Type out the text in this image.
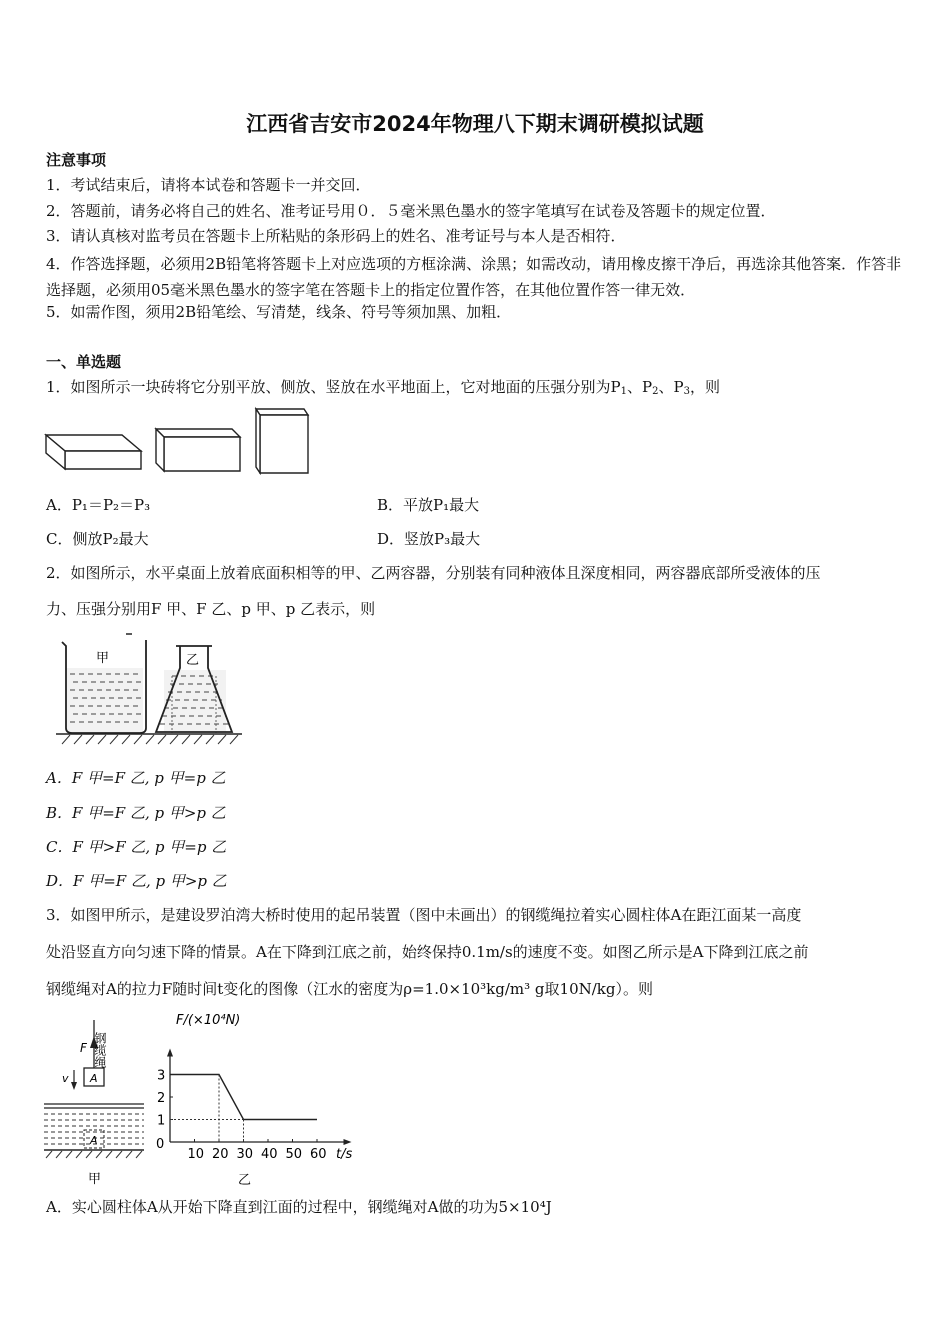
江西省吉安市2024年物理八下期末调研模拟试题
注意事项
1．考试结束后，请将本试卷和答题卡一并交回．
2．答题前，请务必将自己的姓名、准考证号用０．５毫米黑色墨水的签字笔填写在试卷及答题卡的规定位置．
3．请认真核对监考员在答题卡上所粘贴的条形码上的姓名、准考证号与本人是否相符．
4．作答选择题，必须用2B铅笔将答题卡上对应选项的方框涂满、涂黑；如需改动，请用橡皮擦干净后，再选涂其他答案．作答非选择题，必须用05毫米黑色墨水的签字笔在答题卡上的指定位置作答，在其他位置作答一律无效．
5．如需作图，须用2B铅笔绘、写清楚，线条、符号等须加黑、加粗．
一、单选题
1．如图所示一块砖将它分别平放、侧放、竖放在水平地面上，它对地面的压强分别为$P_1$、$P_2$、$P_3$，则
A．P₁＝P₂＝P₃	B．平放P₁最大
C．侧放P₂最大	D．竖放P₃最大
2．如图所示，水平桌面上放着底面积相等的甲、乙两容器，分别装有同种液体且深度相同，两容器底部所受液体的压
力、压强分别用F 甲、F 乙、p 甲、p 乙表示，则
甲	乙
A．F 甲=F 乙, p 甲=p 乙
B．F 甲=F 乙, p 甲>p 乙
C．F 甲>F 乙, p 甲=p 乙
D．F 甲=F 乙, p 甲>p 乙
3．如图甲所示，是建设罗泊湾大桥时使用的起吊装置（图中未画出）的钢缆绳拉着实心圆柱体A在距江面某一高度
处沿竖直方向匀速下降的情景。A在下降到江底之前，始终保持0.1m/s的速度不变。如图乙所示是A下降到江底之前
钢缆绳对A的拉力F随时间t变化的图像（江水的密度为ρ=1.0×10³kg/m³ g取10N/kg）。则
钢缆绳
F
A
v
A
甲
F/(×10⁴N)
t/s
乙
0
10 20 30 40 50 60
1
2
3
A．实心圆柱体A从开始下降直到江面的过程中，钢缆绳对A做的功为5×10⁴J
